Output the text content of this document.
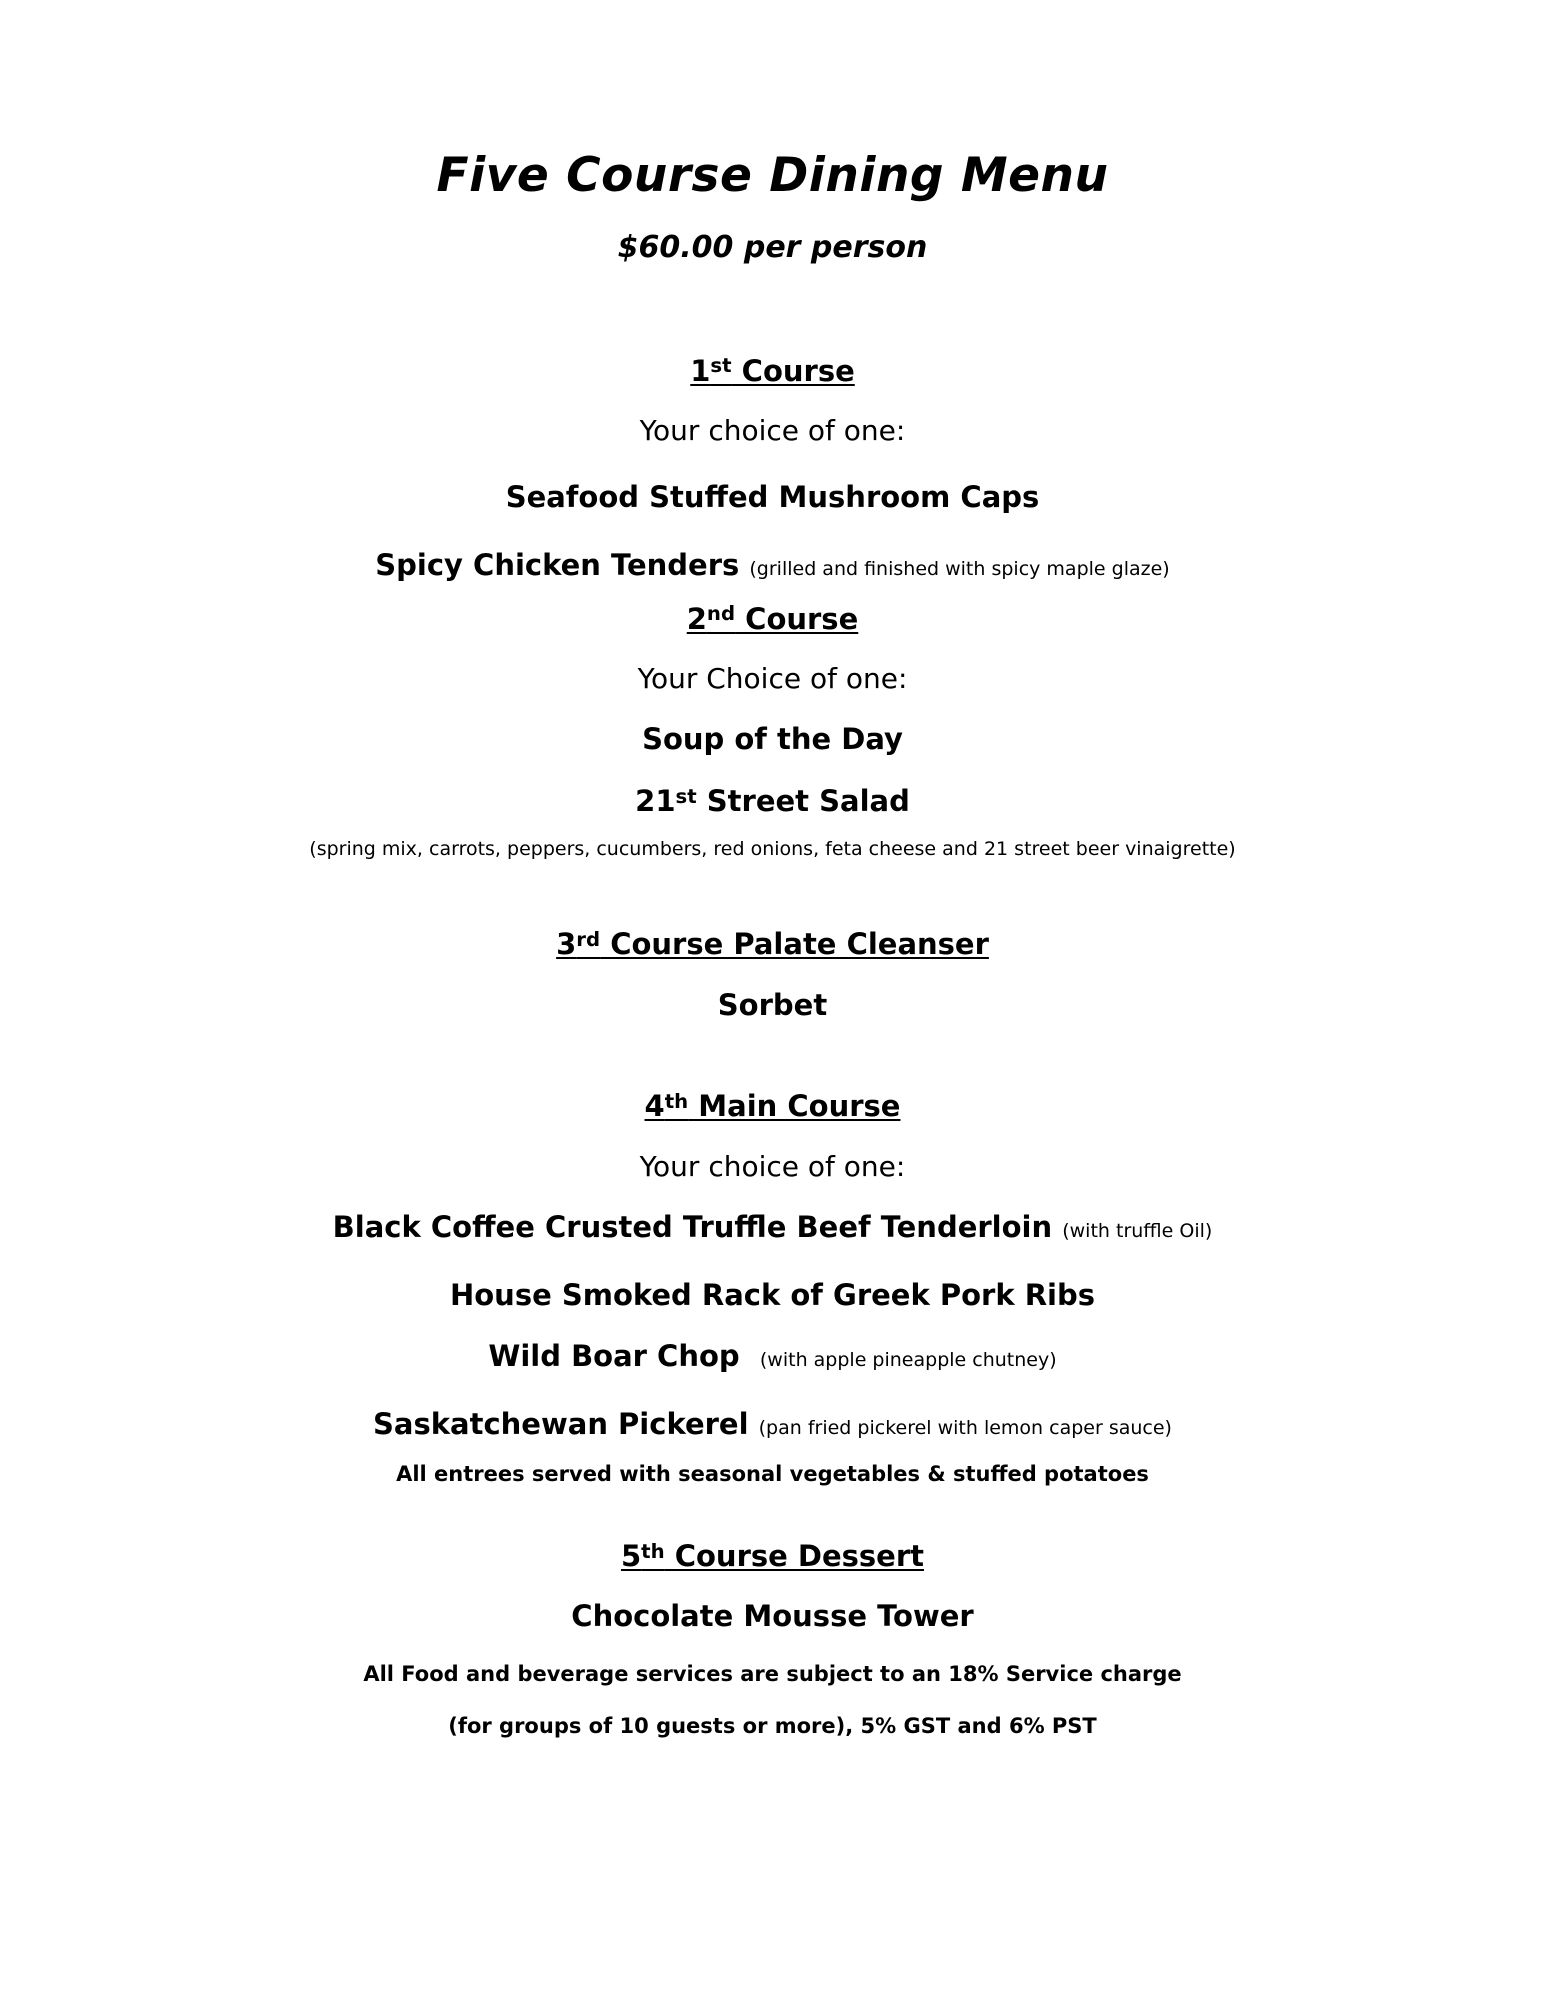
Five Course Dining Menu
$60.00 per person
1st Course
Your choice of one:
Seafood Stuffed Mushroom Caps
Spicy Chicken Tenders (grilled and finished with spicy maple glaze)
2nd Course
Your Choice of one:
Soup of the Day
21st Street Salad
(spring mix, carrots, peppers, cucumbers, red onions, feta cheese and 21 street beer vinaigrette)
3rd Course Palate Cleanser
Sorbet
4th Main Course
Your choice of one:
Black Coffee Crusted Truffle Beef Tenderloin (with truffle Oil)
House Smoked Rack of Greek Pork Ribs
Wild Boar Chop (with apple pineapple chutney)
Saskatchewan Pickerel (pan fried pickerel with lemon caper sauce)
All entrees served with seasonal vegetables & stuffed potatoes
5th Course Dessert
Chocolate Mousse Tower
All Food and beverage services are subject to an 18% Service charge
(for groups of 10 guests or more), 5% GST and 6% PST
